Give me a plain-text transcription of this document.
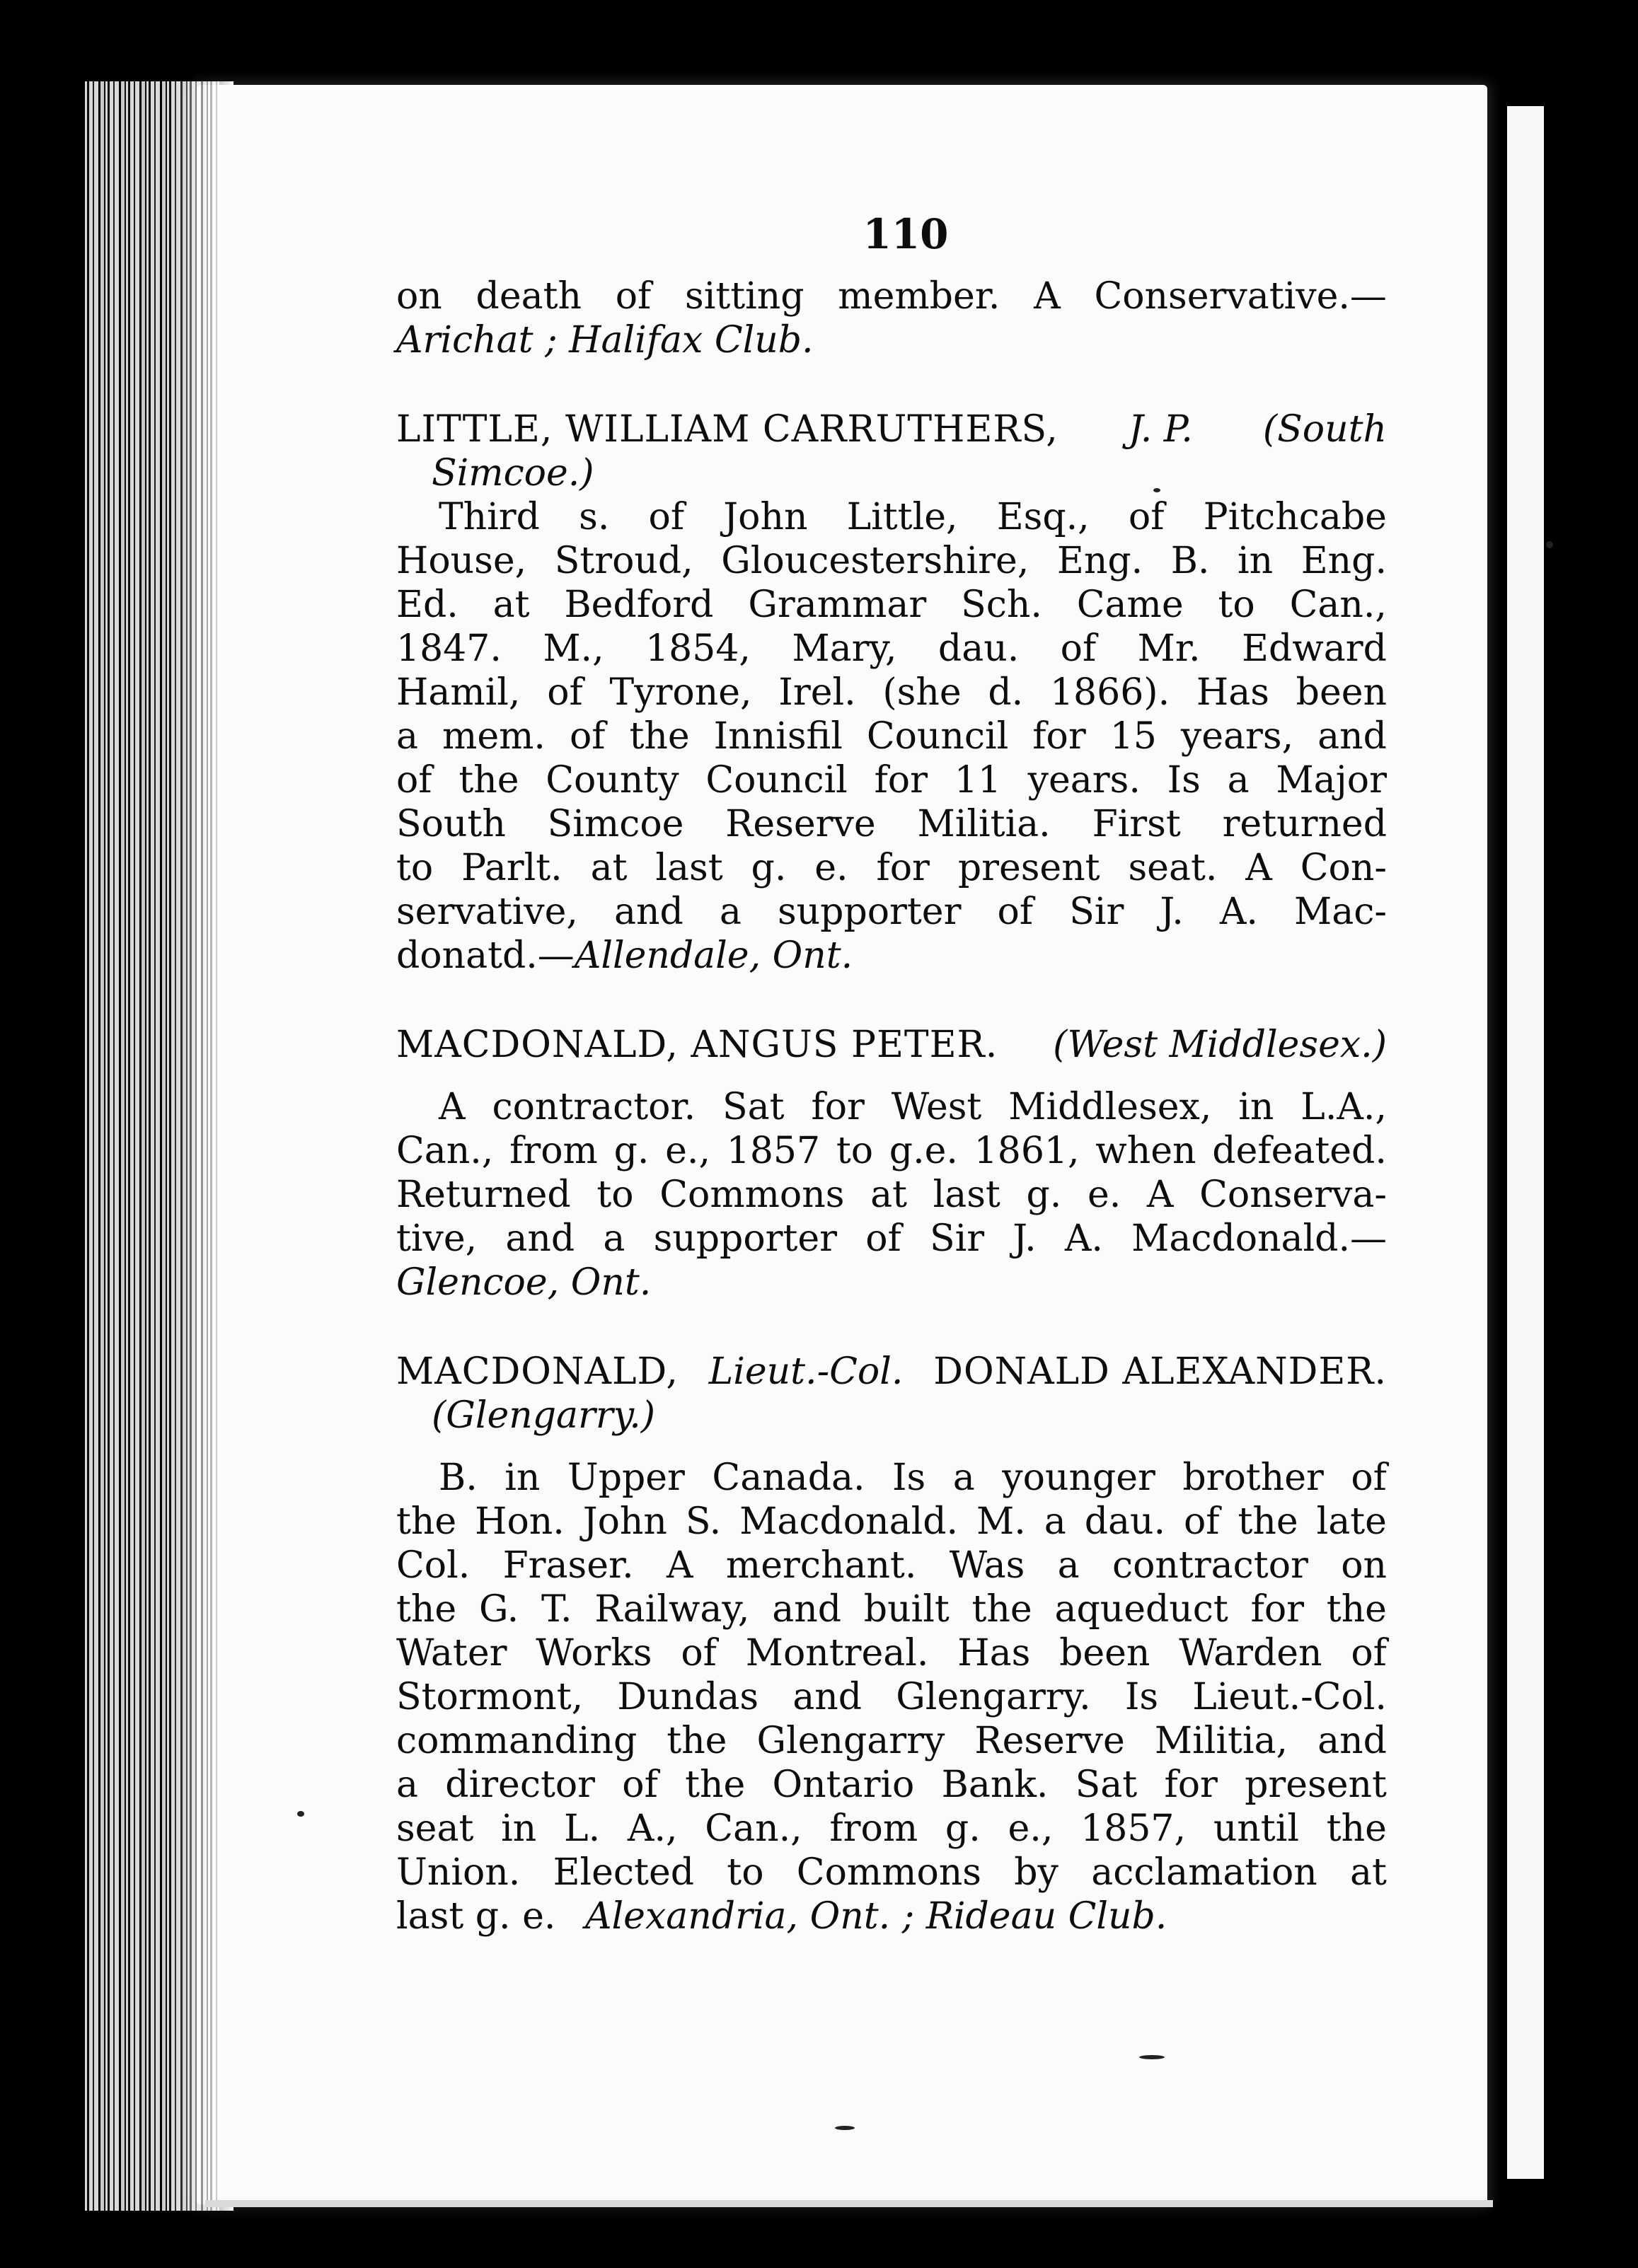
110
on death of sitting member. A Conservative.—
Arichat ; Halifax Club.
LITTLE, WILLIAM CARRUTHERS, J. P. (South
Simcoe.)
Third s. of John Little, Esq., of Pitchcabe
House, Stroud, Gloucestershire, Eng. B. in Eng.
Ed. at Bedford Grammar Sch. Came to Can.,
1847. M., 1854, Mary, dau. of Mr. Edward
Hamil, of Tyrone, Irel. (she d. 1866). Has been
a mem. of the Innisfil Council for 15 years, and
of the County Council for 11 years. Is a Major
South Simcoe Reserve Militia. First returned
to Parlt. at last g. e. for present seat. A Con-
servative, and a supporter of Sir J. A. Mac-
donatd.— Allendale, Ont.
MACDONALD, ANGUS PETER. (West Middlesex.)
A contractor. Sat for West Middlesex, in L.A.,
Can., from g. e., 1857 to g.e. 1861, when defeated.
Returned to Commons at last g. e. A Conserva-
tive, and a supporter of Sir J. A. Macdonald.—
Glencoe, Ont.
MACDONALD, Lieut.-Col. DONALD ALEXANDER.
(Glengarry.)
B. in Upper Canada. Is a younger brother of
the Hon. John S. Macdonald. M. a dau. of the late
Col. Fraser. A merchant. Was a contractor on
the G. T. Railway, and built the aqueduct for the
Water Works of Montreal. Has been Warden of
Stormont, Dundas and Glengarry. Is Lieut.-Col.
commanding the Glengarry Reserve Militia, and
a director of the Ontario Bank. Sat for present
seat in L. A., Can., from g. e., 1857, until the
Union. Elected to Commons by acclamation at
last g. e. Alexandria, Ont. ; Rideau Club.
